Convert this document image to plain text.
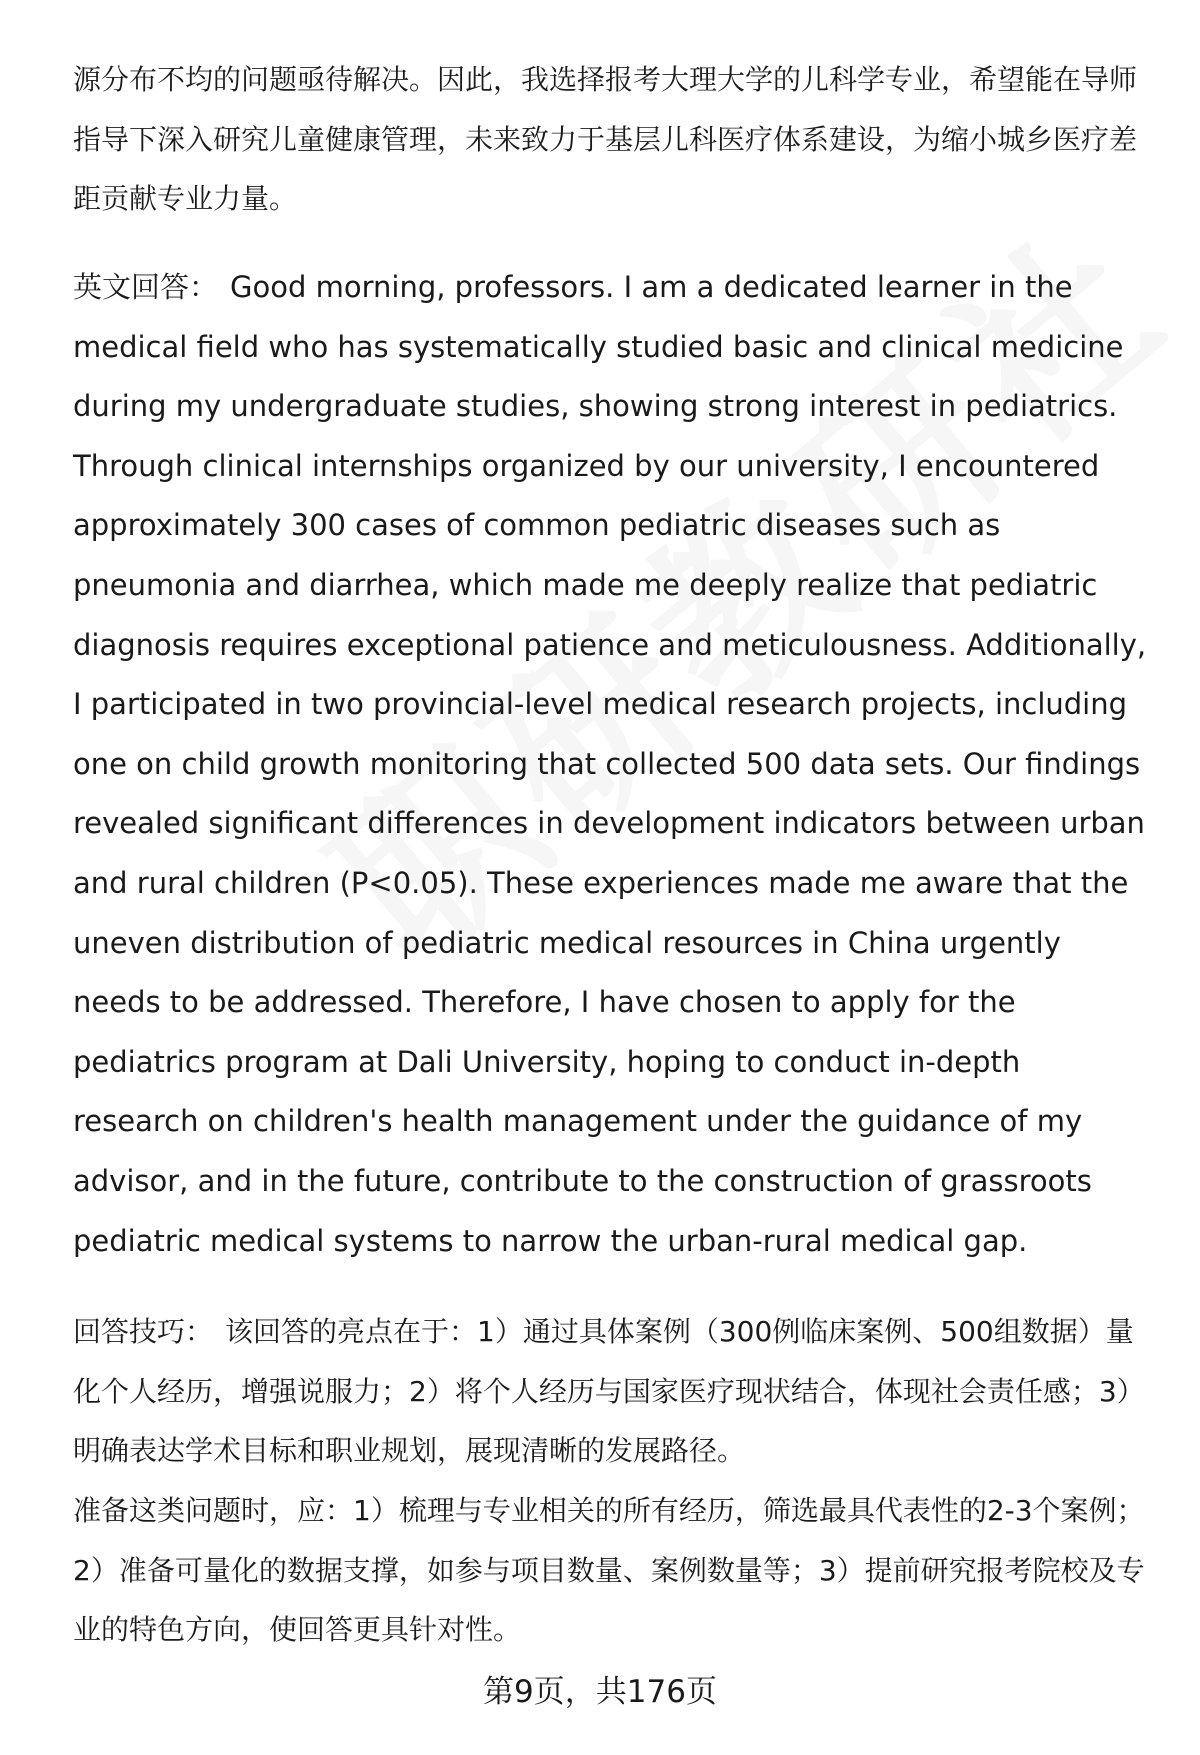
源分布不均的问题亟待解决。因此，我选择报考大理大学的儿科学专业，希望能在导师指导下深入研究儿童健康管理，未来致力于基层儿科医疗体系建设，为缩小城乡医疗差距贡献专业力量。
英文回答： Good morning, professors. I am a dedicated learner in the medical field who has systematically studied basic and clinical medicine during my undergraduate studies, showing strong interest in pediatrics. Through clinical internships organized by our university, I encountered approximately 300 cases of common pediatric diseases such as pneumonia and diarrhea, which made me deeply realize that pediatric diagnosis requires exceptional patience and meticulousness. Additionally, I participated in two provincial-level medical research projects, including one on child growth monitoring that collected 500 data sets. Our findings revealed significant differences in development indicators between urban and rural children (P<0.05). These experiences made me aware that the uneven distribution of pediatric medical resources in China urgently needs to be addressed. Therefore, I have chosen to apply for the pediatrics program at Dali University, hoping to conduct in-depth research on children's health management under the guidance of my advisor, and in the future, contribute to the construction of grassroots pediatric medical systems to narrow the urban-rural medical gap.
回答技巧： 该回答的亮点在于：1）通过具体案例（300例临床案例、500组数据）量化个人经历，增强说服力；2）将个人经历与国家医疗现状结合，体现社会责任感；3）明确表达学术目标和职业规划，展现清晰的发展路径。
准备这类问题时，应：1）梳理与专业相关的所有经历，筛选最具代表性的2-3个案例；2）准备可量化的数据支撑，如参与项目数量、案例数量等；3）提前研究报考院校及专业的特色方向，使回答更具针对性。
第9页，共176页
